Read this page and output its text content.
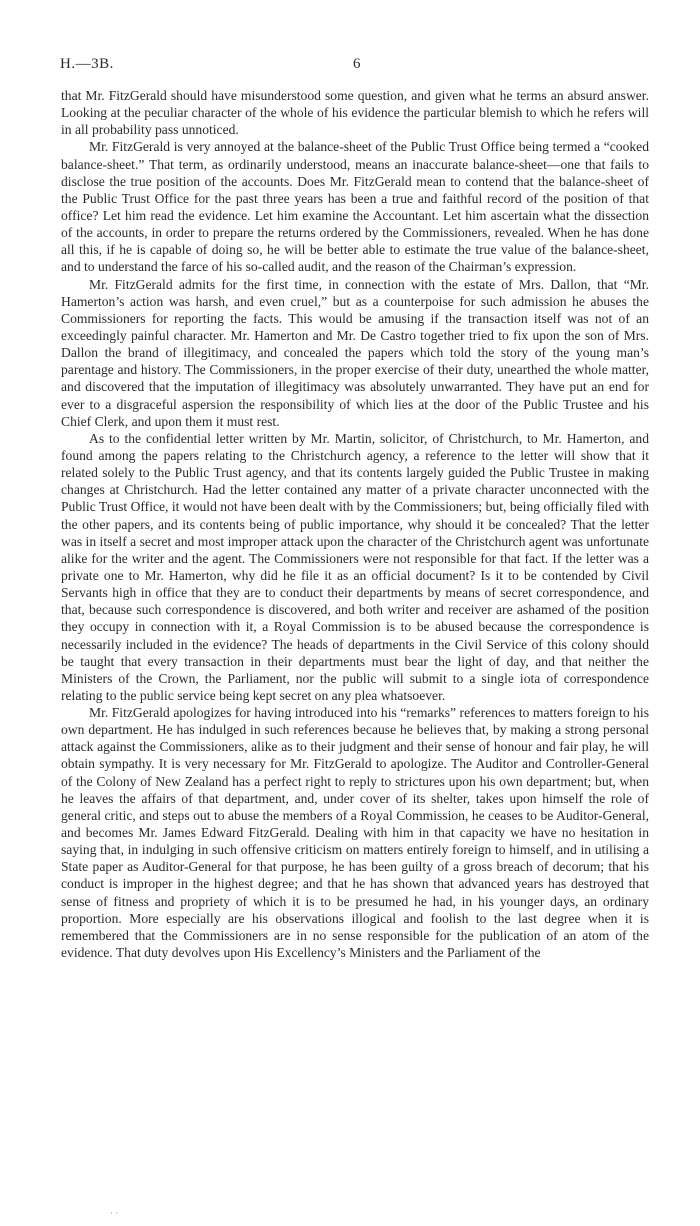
H.—3B.	6

that Mr. FitzGerald should have misunderstood some question, and given what he terms an absurd answer. Looking at the peculiar character of the whole of his evidence the particular blemish to which he refers will in all probability pass unnoticed.

Mr. FitzGerald is very annoyed at the balance-sheet of the Public Trust Office being termed a “cooked balance-sheet.” That term, as ordinarily understood, means an inaccurate balance-sheet—one that fails to disclose the true position of the accounts. Does Mr. FitzGerald mean to contend that the balance-sheet of the Public Trust Office for the past three years has been a true and faithful record of the position of that office? Let him read the evidence. Let him examine the Accountant. Let him ascertain what the dissection of the accounts, in order to prepare the returns ordered by the Commissioners, revealed. When he has done all this, if he is capable of doing so, he will be better able to estimate the true value of the balance-sheet, and to understand the farce of his so-called audit, and the reason of the Chairman’s expression.

Mr. FitzGerald admits for the first time, in connection with the estate of Mrs. Dallon, that “Mr. Hamerton’s action was harsh, and even cruel,” but as a counterpoise for such admission he abuses the Commissioners for reporting the facts. This would be amusing if the transaction itself was not of an exceedingly painful character. Mr. Hamerton and Mr. De Castro together tried to fix upon the son of Mrs. Dallon the brand of illegitimacy, and concealed the papers which told the story of the young man’s parentage and history. The Commissioners, in the proper exercise of their duty, unearthed the whole matter, and discovered that the imputation of illegitimacy was absolutely unwarranted. They have put an end for ever to a disgraceful aspersion the responsibility of which lies at the door of the Public Trustee and his Chief Clerk, and upon them it must rest.

As to the confidential letter written by Mr. Martin, solicitor, of Christchurch, to Mr. Hamerton, and found among the papers relating to the Christchurch agency, a reference to the letter will show that it related solely to the Public Trust agency, and that its contents largely guided the Public Trustee in making changes at Christchurch. Had the letter contained any matter of a private character unconnected with the Public Trust Office, it would not have been dealt with by the Commissioners; but, being officially filed with the other papers, and its contents being of public importance, why should it be concealed? That the letter was in itself a secret and most improper attack upon the character of the Christchurch agent was unfortunate alike for the writer and the agent. The Commissioners were not responsible for that fact. If the letter was a private one to Mr. Hamerton, why did he file it as an official document? Is it to be contended by Civil Servants high in office that they are to conduct their departments by means of secret correspondence, and that, because such correspondence is discovered, and both writer and receiver are ashamed of the position they occupy in connection with it, a Royal Commission is to be abused because the correspondence is necessarily included in the evidence? The heads of departments in the Civil Service of this colony should be taught that every transaction in their departments must bear the light of day, and that neither the Ministers of the Crown, the Parliament, nor the public will submit to a single iota of correspondence relating to the public service being kept secret on any plea whatsoever.

Mr. FitzGerald apologizes for having introduced into his “remarks” references to matters foreign to his own department. He has indulged in such references because he believes that, by making a strong personal attack against the Commissioners, alike as to their judgment and their sense of honour and fair play, he will obtain sympathy. It is very necessary for Mr. FitzGerald to apologize. The Auditor and Controller-General of the Colony of New Zealand has a perfect right to reply to strictures upon his own department; but, when he leaves the affairs of that department, and, under cover of its shelter, takes upon himself the role of general critic, and steps out to abuse the members of a Royal Commission, he ceases to be Auditor-General, and becomes Mr. James Edward FitzGerald. Dealing with him in that capacity we have no hesitation in saying that, in indulging in such offensive criticism on matters entirely foreign to himself, and in utilising a State paper as Auditor-General for that purpose, he has been guilty of a gross breach of decorum; that his conduct is improper in the highest degree; and that he has shown that advanced years has destroyed that sense of fitness and propriety of which it is to be presumed he had, in his younger days, an ordinary proportion. More especially are his observations illogical and foolish to the last degree when it is remembered that the Commissioners are in no sense responsible for the publication of an atom of the evidence. That duty devolves upon His Excellency’s Ministers and the Parliament of the

· ·
